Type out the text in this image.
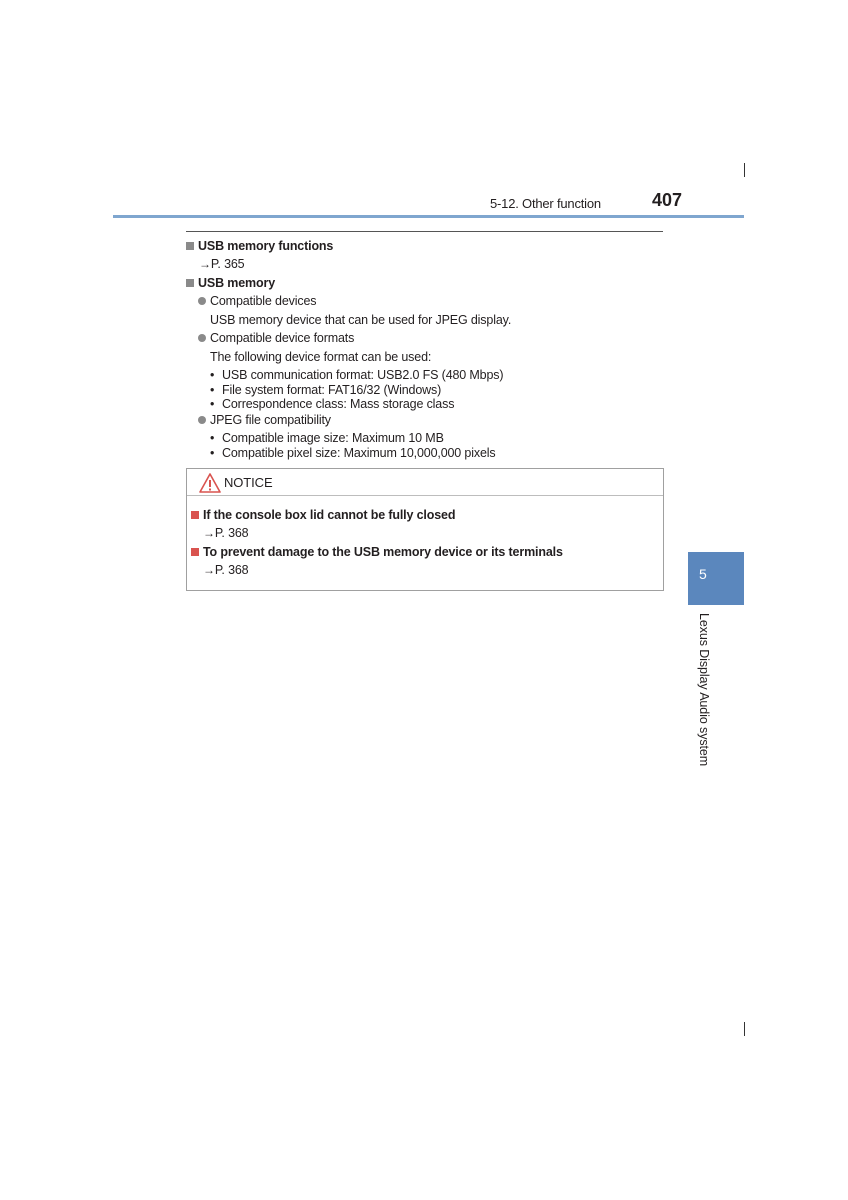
5-12. Other function	407
USB memory functions
→P. 365
USB memory
Compatible devices
USB memory device that can be used for JPEG display.
Compatible device formats
The following device format can be used:
• USB communication format: USB2.0 FS (480 Mbps)
• File system format: FAT16/32 (Windows)
• Correspondence class: Mass storage class
JPEG file compatibility
• Compatible image size: Maximum 10 MB
• Compatible pixel size: Maximum 10,000,000 pixels
NOTICE
If the console box lid cannot be fully closed
→P. 368
To prevent damage to the USB memory device or its terminals
→P. 368	5
Lexus Display Audio system
